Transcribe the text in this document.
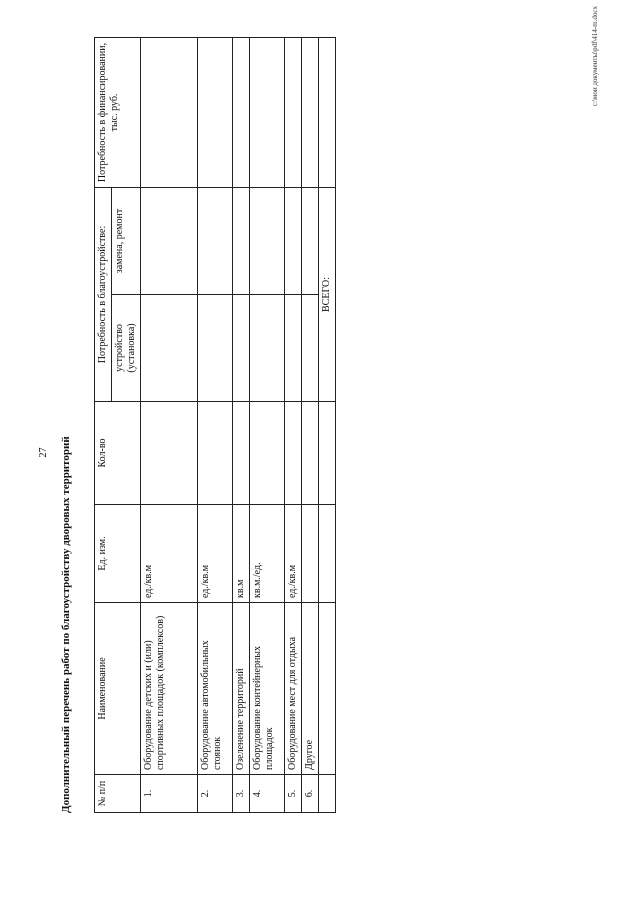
27 Дополнительный перечень работ по благоустройству дворовых территорий	№ п/п	Наименование	Ед. изм.	Кол-во	Потребность в благоустройстве:		Потребность в финансировании, тыс. руб.
				устройство (установка)	замена, ремонт	
1.	Оборудование детских и (или) спортивных площадок (комплексов)	ед./кв.м				
2.	Оборудование автомобильных стоянок	ед./кв.м				
3.	Озеленение территорий	кв.м				
4.	Оборудование контейнерных площадок	кв.м./ед.				
5.	Оборудование мест для отдыха	ед./кв.м				
6.	Другое					
				ВСЕГО:		
c:\мои документы\pdf\414-m.docx
